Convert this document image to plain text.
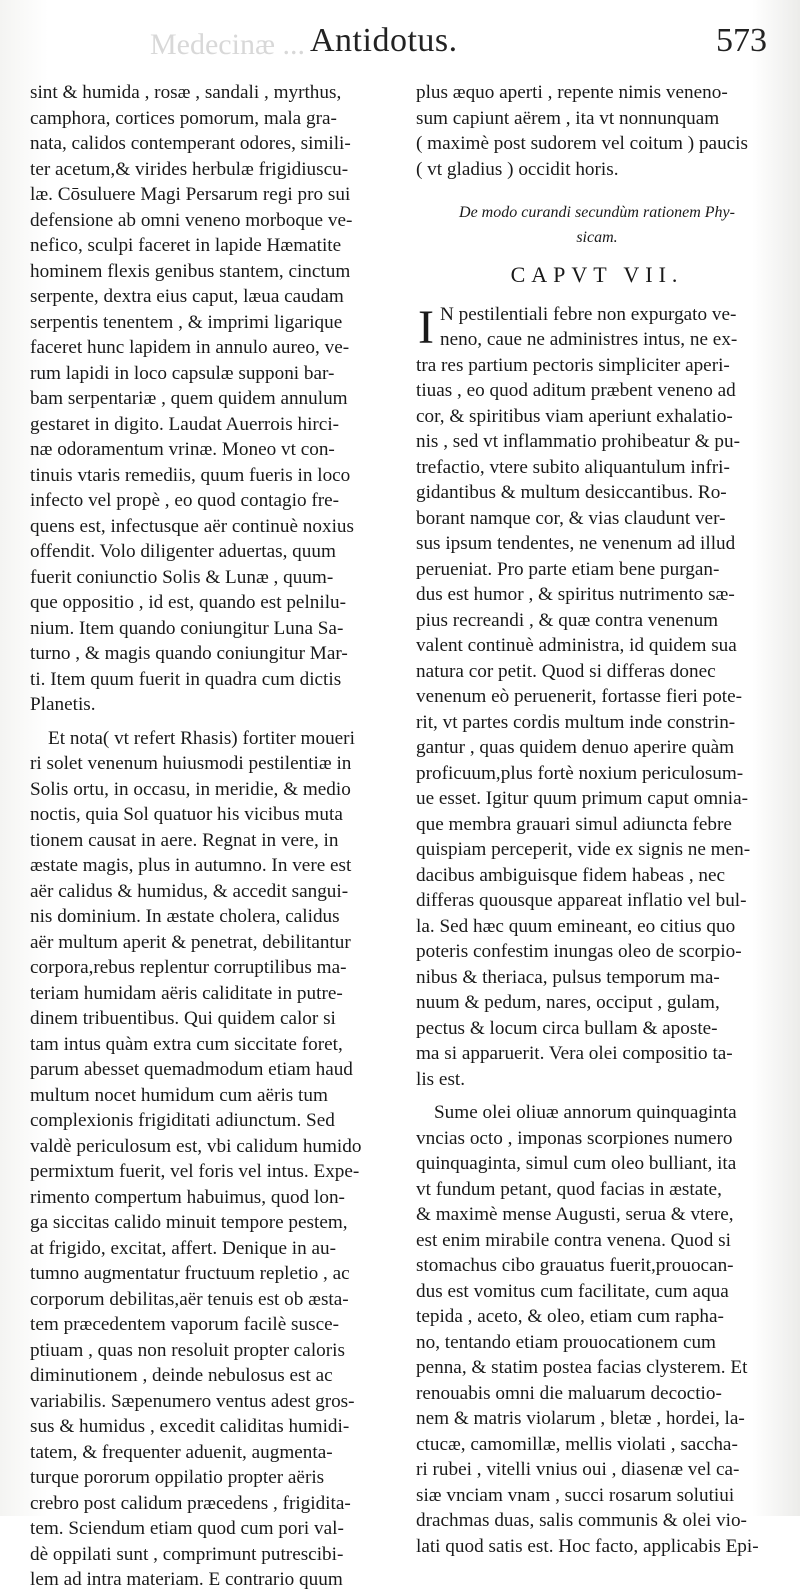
Medecinæ ... Antidotus.	573

sint & humida , rosæ , sandali , myrthus,
camphora, cortices pomorum, mala gra-
nata, calidos contemperant odores, simili-
ter acetum,& virides herbulæ frigidiuscu-
læ. Cōsuluere Magi Persarum regi pro sui
defensione ab omni veneno morboque ve-
nefico, sculpi faceret in lapide Hæmatite
hominem flexis genibus stantem, cinctum
serpente, dextra eius caput, læua caudam
serpentis tenentem , & imprimi ligarique
faceret hunc lapidem in annulo aureo, ve-
rum lapidi in loco capsulæ supponi bar-
bam serpentariæ , quem quidem annulum
gestaret in digito. Laudat Auerrois hirci-
næ odoramentum vrinæ. Moneo vt con-
tinuis vtaris remediis, quum fueris in loco
infecto vel propè , eo quod contagio fre-
quens est, infectusque aër continuè noxius
offendit. Volo diligenter aduertas, quum
fuerit coniunctio Solis & Lunæ , quum-
que oppositio , id est, quando est pelnilu-
nium. Item quando coniungitur Luna Sa-
turno , & magis quando coniungitur Mar-
ti. Item quum fuerit in quadra cum dictis
Planetis.

Et nota( vt refert Rhasis) fortiter moueri
ri solet venenum huiusmodi pestilentiæ in
Solis ortu, in occasu, in meridie, & medio
noctis, quia Sol quatuor his vicibus muta
tionem causat in aere. Regnat in vere, in
æstate magis, plus in autumno. In vere est
aër calidus & humidus, & accedit sangui-
nis dominium. In æstate cholera, calidus
aër multum aperit & penetrat, debilitantur
corpora,rebus replentur corruptilibus ma-
teriam humidam aëris caliditate in putre-
dinem tribuentibus. Qui quidem calor si
tam intus quàm extra cum siccitate foret,
parum abesset quemadmodum etiam haud
multum nocet humidum cum aëris tum
complexionis frigiditati adiunctum. Sed
valdè periculosum est, vbi calidum humido
permixtum fuerit, vel foris vel intus. Expe-
rimento compertum habuimus, quod lon-
ga siccitas calido minuit tempore pestem,
at frigido, excitat, affert. Denique in au-
tumno augmentatur fructuum repletio , ac
corporum debilitas,aër tenuis est ob æsta-
tem præcedentem vaporum facilè susce-
ptiuam , quas non resoluit propter caloris
diminutionem , deinde nebulosus est ac
variabilis. Sæpenumero ventus adest gros-
sus & humidus , excedit caliditas humidi-
tatem, & frequenter aduenit, augmenta-
turque pororum oppilatio propter aëris
crebro post calidum præcedens , frigidita-
tem. Sciendum etiam quod cum pori val-
dè oppilati sunt , comprimunt putrescibi-
lem ad intra materiam. E contrario quum

plus æquo aperti , repente nimis veneno-
sum capiunt aërem , ita vt nonnunquam
( maximè post sudorem vel coitum ) paucis
( vt gladius ) occidit horis.

De modo curandi secundùm rationem Phy-
sicam.
CAPVT VII.

I N pestilentiali febre non expurgato ve-
neno, caue ne administres intus, ne ex-
tra res partium pectoris simpliciter aperi-
tiuas , eo quod aditum præbent veneno ad
cor, & spiritibus viam aperiunt exhalatio-
nis , sed vt inflammatio prohibeatur & pu-
trefactio, vtere subito aliquantulum infri-
gidantibus & multum desiccantibus. Ro-
borant namque cor, & vias claudunt ver-
sus ipsum tendentes, ne venenum ad illud
perueniat. Pro parte etiam bene purgan-
dus est humor , & spiritus nutrimento sæ-
pius recreandi , & quæ contra venenum
valent continuè administra, id quidem sua
natura cor petit. Quod si differas donec
venenum eò peruenerit, fortasse fieri pote-
rit, vt partes cordis multum inde constrin-
gantur , quas quidem denuo aperire quàm
proficuum,plus fortè noxium periculosum-
ue esset. Igitur quum primum caput omnia-
que membra grauari simul adiuncta febre
quispiam perceperit, vide ex signis ne men-
dacibus ambiguisque fidem habeas , nec
differas quousque appareat inflatio vel bul-
la. Sed hæc quum emineant, eo citius quo
poteris confestim inungas oleo de scorpio-
nibus & theriaca, pulsus temporum ma-
nuum & pedum, nares, occiput , gulam,
pectus & locum circa bullam & aposte-
ma si apparuerit. Vera olei compositio ta-
lis est.

Sume olei oliuæ annorum quinquaginta
vncias octo , imponas scorpiones numero
quinquaginta, simul cum oleo bulliant, ita
vt fundum petant, quod facias in æstate,
& maximè mense Augusti, serua & vtere,
est enim mirabile contra venena. Quod si
stomachus cibo grauatus fuerit,prouocan-
dus est vomitus cum facilitate, cum aqua
tepida , aceto, & oleo, etiam cum rapha-
no, tentando etiam prouocationem cum
penna, & statim postea facias clysterem. Et
renouabis omni die maluarum decoctio-
nem & matris violarum , bletæ , hordei, la-
ctucæ, camomillæ, mellis violati , saccha-
ri rubei , vitelli vnius oui , diasenæ vel ca-
siæ vnciam vnam , succi rosarum solutiui
drachmas duas, salis communis & olei vio-
lati quod satis est. Hoc facto, applicabis Epi-
